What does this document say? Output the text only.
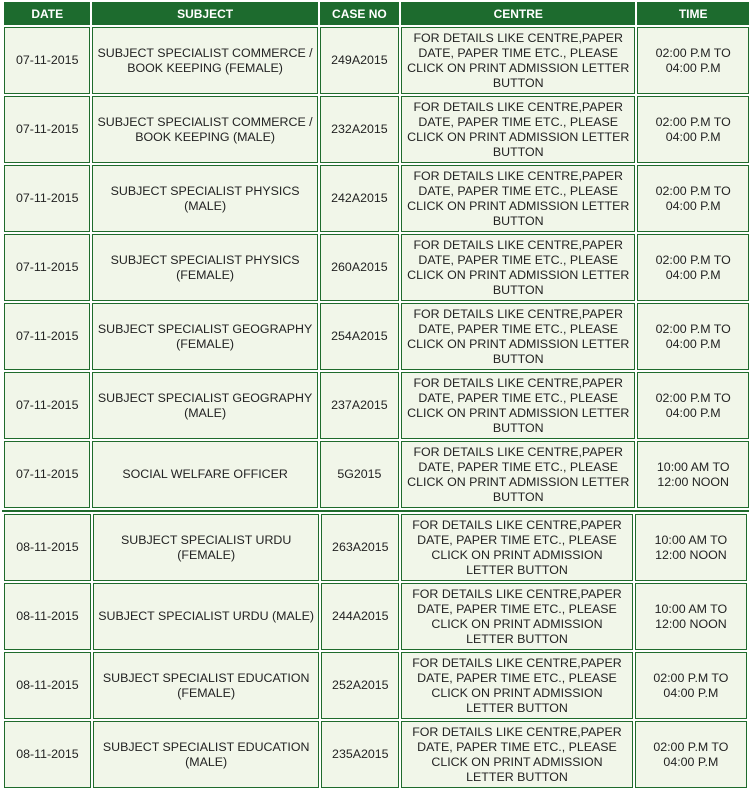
DATE	SUBJECT	CASE NO	CENTRE	TIME
07-11-2015	SUBJECT SPECIALIST COMMERCE / BOOK KEEPING (FEMALE)	249A2015	FOR DETAILS LIKE CENTRE,PAPER DATE, PAPER TIME ETC., PLEASE CLICK ON PRINT ADMISSION LETTER BUTTON	02:00 P.M TO 04:00 P.M
07-11-2015	SUBJECT SPECIALIST COMMERCE / BOOK KEEPING (MALE)	232A2015	FOR DETAILS LIKE CENTRE,PAPER DATE, PAPER TIME ETC., PLEASE CLICK ON PRINT ADMISSION LETTER BUTTON	02:00 P.M TO 04:00 P.M
07-11-2015	SUBJECT SPECIALIST PHYSICS (MALE)	242A2015	FOR DETAILS LIKE CENTRE,PAPER DATE, PAPER TIME ETC., PLEASE CLICK ON PRINT ADMISSION LETTER BUTTON	02:00 P.M TO 04:00 P.M
07-11-2015	SUBJECT SPECIALIST PHYSICS (FEMALE)	260A2015	FOR DETAILS LIKE CENTRE,PAPER DATE, PAPER TIME ETC., PLEASE CLICK ON PRINT ADMISSION LETTER BUTTON	02:00 P.M TO 04:00 P.M
07-11-2015	SUBJECT SPECIALIST GEOGRAPHY (FEMALE)	254A2015	FOR DETAILS LIKE CENTRE,PAPER DATE, PAPER TIME ETC., PLEASE CLICK ON PRINT ADMISSION LETTER BUTTON	02:00 P.M TO 04:00 P.M
07-11-2015	SUBJECT SPECIALIST GEOGRAPHY (MALE)	237A2015	FOR DETAILS LIKE CENTRE,PAPER DATE, PAPER TIME ETC., PLEASE CLICK ON PRINT ADMISSION LETTER BUTTON	02:00 P.M TO 04:00 P.M
07-11-2015	SOCIAL WELFARE OFFICER	5G2015	FOR DETAILS LIKE CENTRE,PAPER DATE, PAPER TIME ETC., PLEASE CLICK ON PRINT ADMISSION LETTER BUTTON	10:00 AM TO 12:00 NOON
08-11-2015	SUBJECT SPECIALIST URDU (FEMALE)	263A2015	FOR DETAILS LIKE CENTRE,PAPER DATE, PAPER TIME ETC., PLEASE CLICK ON PRINT ADMISSION LETTER BUTTON	10:00 AM TO 12:00 NOON
08-11-2015	SUBJECT SPECIALIST URDU (MALE)	244A2015	FOR DETAILS LIKE CENTRE,PAPER DATE, PAPER TIME ETC., PLEASE CLICK ON PRINT ADMISSION LETTER BUTTON	10:00 AM TO 12:00 NOON
08-11-2015	SUBJECT SPECIALIST EDUCATION (FEMALE)	252A2015	FOR DETAILS LIKE CENTRE,PAPER DATE, PAPER TIME ETC., PLEASE CLICK ON PRINT ADMISSION LETTER BUTTON	02:00 P.M TO 04:00 P.M
08-11-2015	SUBJECT SPECIALIST EDUCATION (MALE)	235A2015	FOR DETAILS LIKE CENTRE,PAPER DATE, PAPER TIME ETC., PLEASE CLICK ON PRINT ADMISSION LETTER BUTTON	02:00 P.M TO 04:00 P.M
